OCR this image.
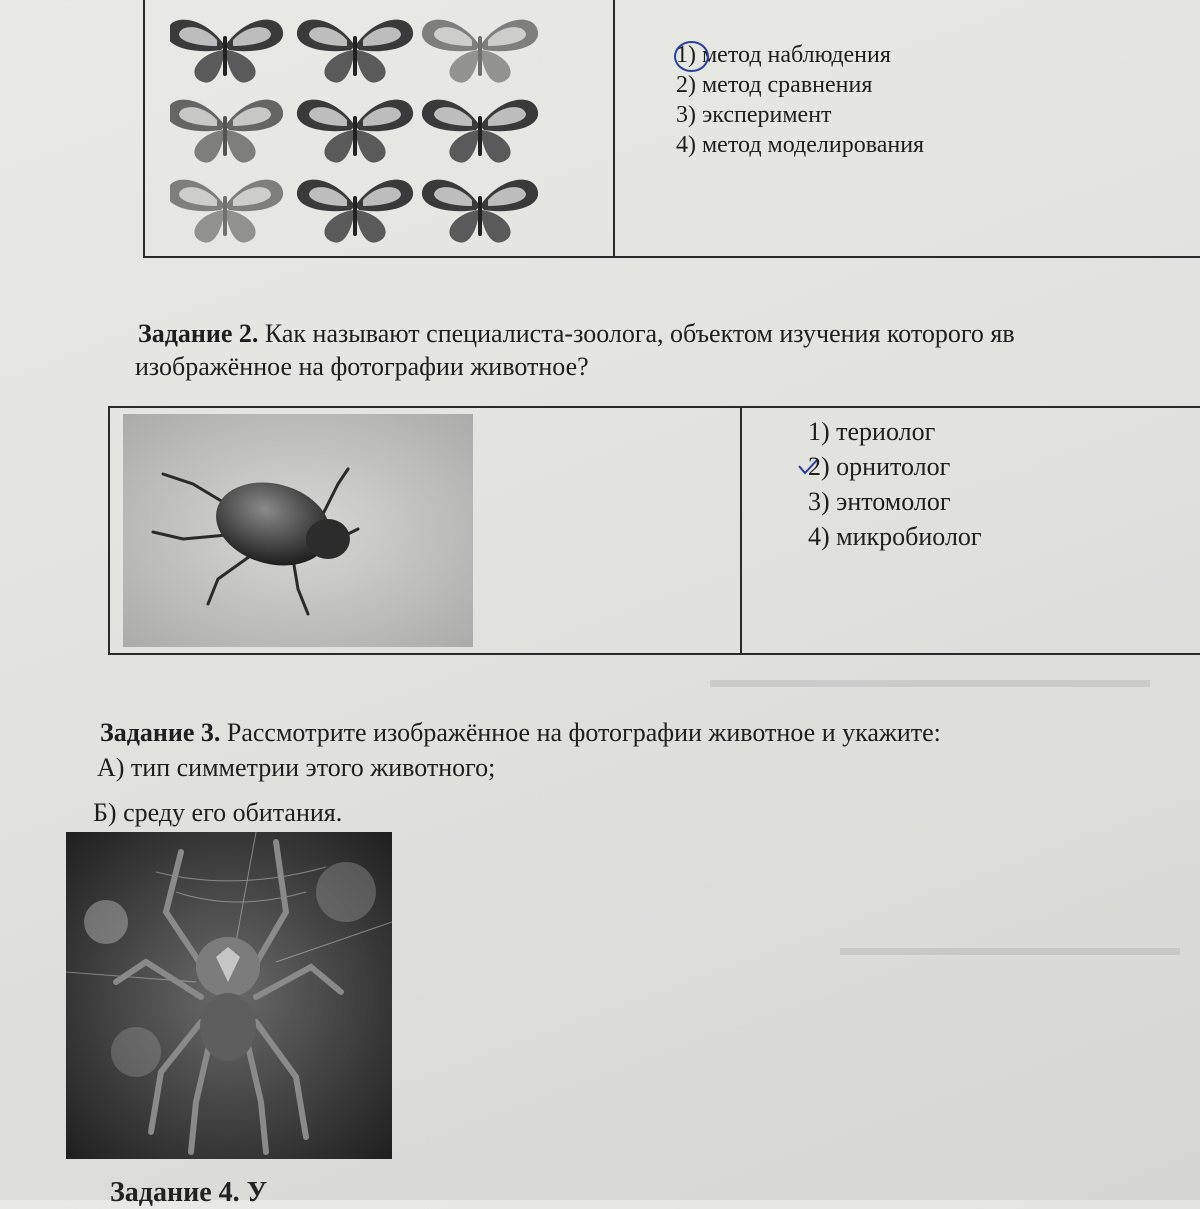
1) метод наблюдения
2) метод сравнения
3) эксперимент
4) метод моделирования
Задание 2. Как называют специалиста-зоолога, объектом изучения которого яв
изображённое на фотографии животное?
1) териолог
2) орнитолог
3) энтомолог
4) микробиолог
Задание 3. Рассмотрите изображённое на фотографии животное и укажите:
А) тип симметрии этого животного;
Б) среду его обитания.
Задание 4. У
